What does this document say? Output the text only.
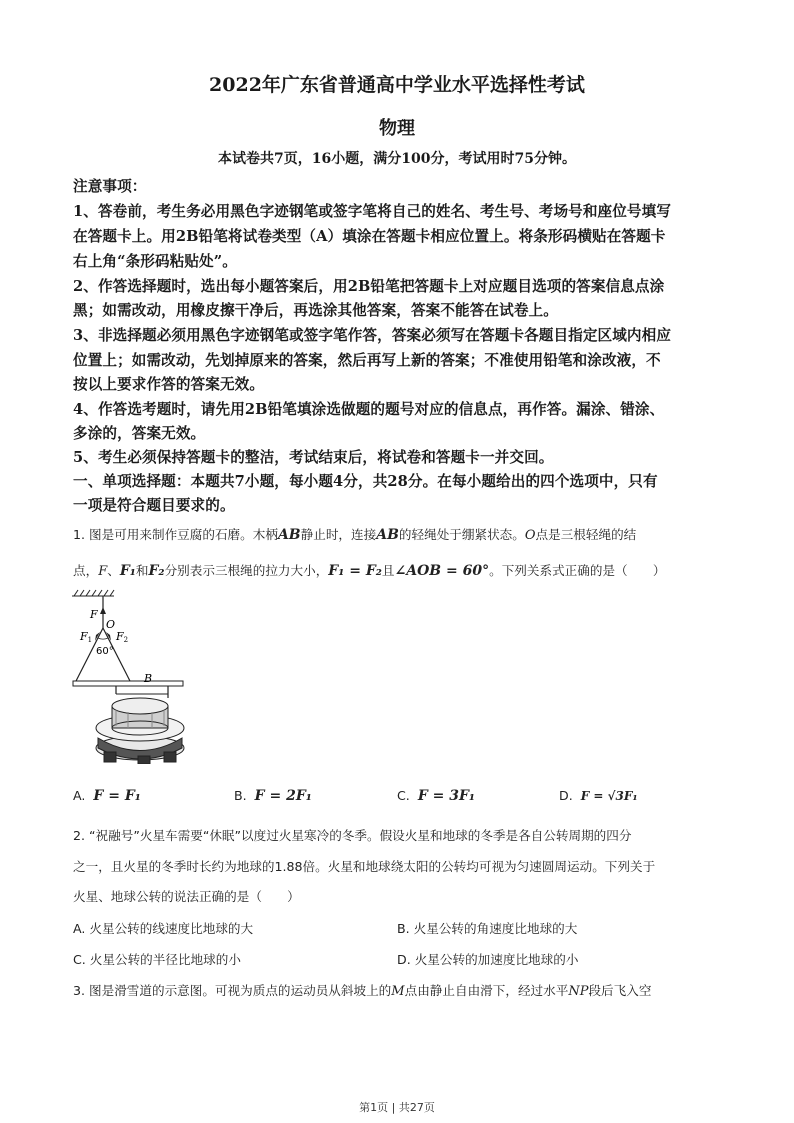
2022年广东省普通高中学业水平选择性考试
物理
本试卷共7页，16小题，满分100分，考试用时75分钟。
注意事项：
1、答卷前，考生务必用黑色字迹钢笔或签字笔将自己的姓名、考生号、考场号和座位号填写
在答题卡上。用2B铅笔将试卷类型（A）填涂在答题卡相应位置上。将条形码横贴在答题卡
右上角“条形码粘贴处”。
2、作答选择题时，选出每小题答案后，用2B铅笔把答题卡上对应题目选项的答案信息点涂
黑；如需改动，用橡皮擦干净后，再选涂其他答案，答案不能答在试卷上。
3、非选择题必须用黑色字迹钢笔或签字笔作答，答案必须写在答题卡各题目指定区域内相应
位置上；如需改动，先划掉原来的答案，然后再写上新的答案；不准使用铅笔和涂改液，不
按以上要求作答的答案无效。
4、作答选考题时，请先用2B铅笔填涂选做题的题号对应的信息点，再作答。漏涂、错涂、
多涂的，答案无效。
5、考生必须保持答题卡的整洁，考试结束后，将试卷和答题卡一并交回。
一、单项选择题：本题共7小题，每小题4分，共28分。在每小题给出的四个选项中，只有
一项是符合题目要求的。
1. 图是可用来制作豆腐的石磨。木柄AB静止时，连接AB的轻绳处于绷紧状态。O点是三根轻绳的结
点，F、F₁和F₂分别表示三根绳的拉力大小，F₁ = F₂且∠AOB = 60°。下列关系式正确的是（　　）
F
O
F1 F2
60°
B
A. F = F₁	B. F = 2F₁	C. F = 3F₁	D. F = √3F₁
2. “祝融号”火星车需要“休眠”以度过火星寒冷的冬季。假设火星和地球的冬季是各自公转周期的四分
之一，且火星的冬季时长约为地球的1.88倍。火星和地球绕太阳的公转均可视为匀速圆周运动。下列关于
火星、地球公转的说法正确的是（　　）
A. 火星公转的线速度比地球的大	B. 火星公转的角速度比地球的大
C. 火星公转的半径比地球的小	D. 火星公转的加速度比地球的小
3. 图是滑雪道的示意图。可视为质点的运动员从斜坡上的M点由静止自由滑下，经过水平NP段后飞入空
第1页 | 共27页
